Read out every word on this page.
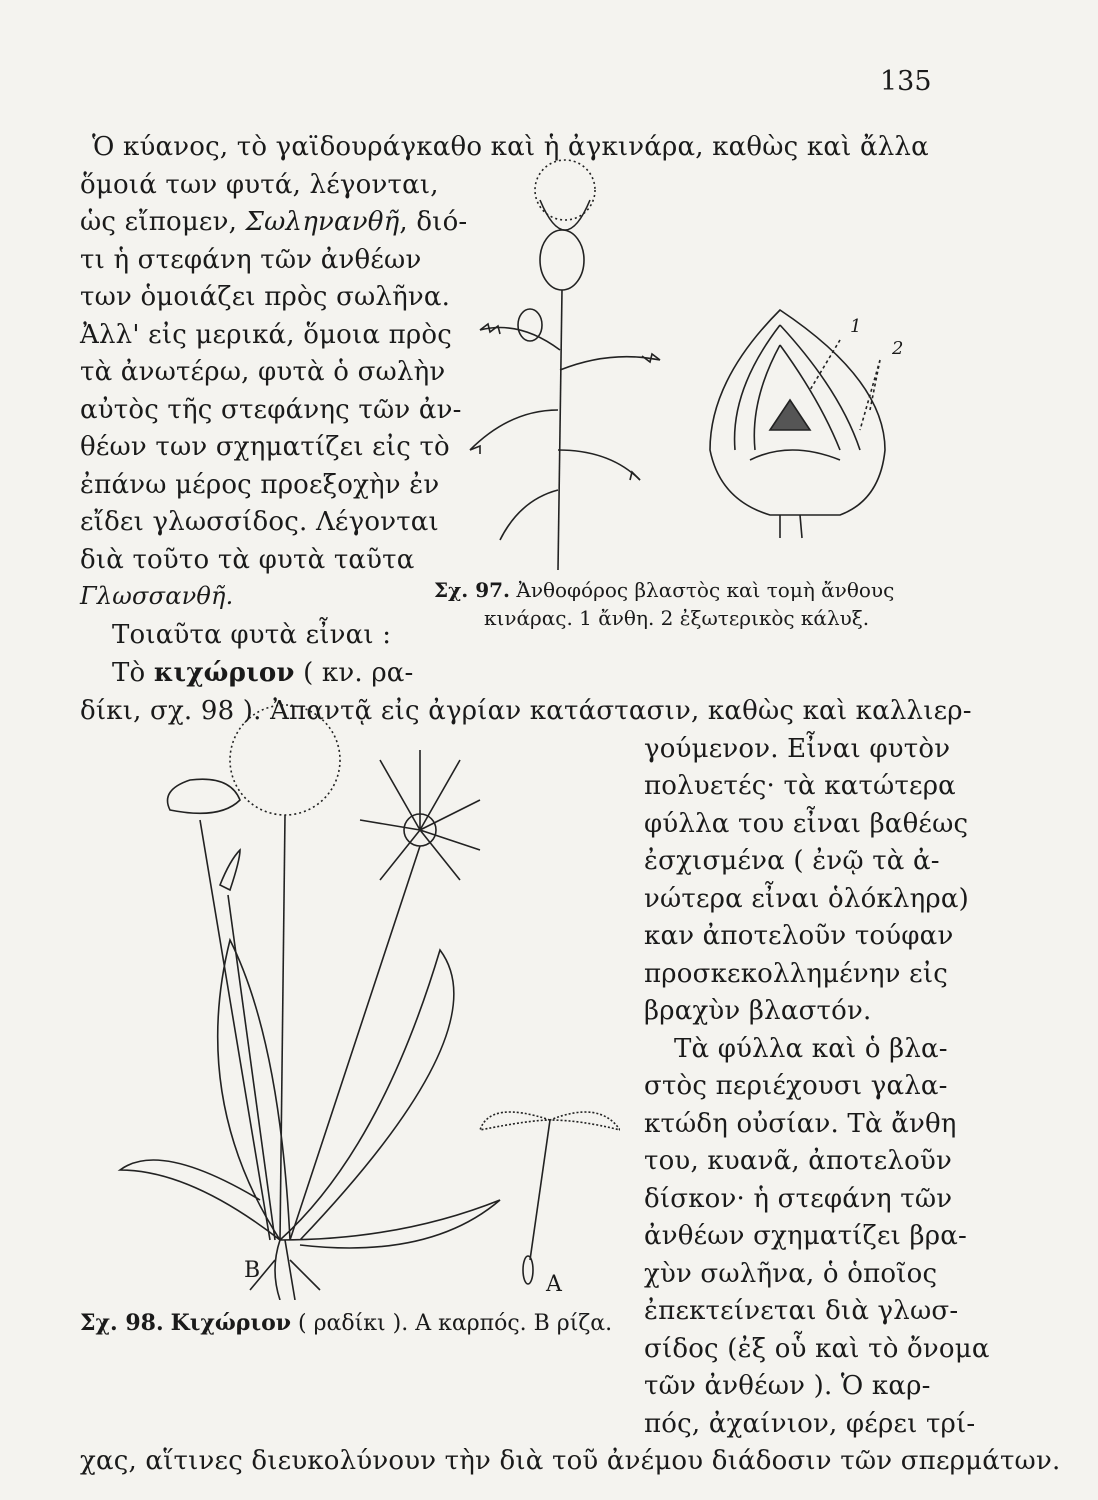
135
Ὁ κύανος, τὸ γαϊδουράγκαθο καὶ ἡ ἀγκινάρα, καθὼς καὶ ἄλλα
ὅμοιά των φυτά, λέγονται,
ὡς εἴπομεν, Σωληνανθῆ, διό-
τι ἡ στεφάνη τῶν ἀνθέων
των ὁμοιάζει πρὸς σωλῆνα.
Ἀλλ' εἰς μερικά, ὅμοια πρὸς
τὰ ἀνωτέρω, φυτὰ ὁ σωλὴν
αὐτὸς τῆς στεφάνης τῶν ἀν-
θέων των σχηματίζει εἰς τὸ
ἐπάνω μέρος προεξοχὴν ἐν
εἴδει γλωσσίδος. Λέγονται
διὰ τοῦτο τὰ φυτὰ ταῦτα
Γλωσσανθῆ.
Τοιαῦτα φυτὰ εἶναι :
Τὸ κιχώριον ( κν. ρα-
δίκι, σχ. 98 ). Ἀπαντᾷ εἰς ἀγρίαν κατάστασιν, καθὼς καὶ καλλιερ-
γούμενον. Εἶναι φυτὸν
πολυετές· τὰ κατώτερα
φύλλα του εἶναι βαθέως
ἐσχισμένα ( ἐνῷ τὰ ἀ-
νώτερα εἶναι ὁλόκληρα)
καν ἀποτελοῦν τούφαν
προσκεκολλημένην εἰς
βραχὺν βλαστόν.
Τὰ φύλλα καὶ ὁ βλα-
στὸς περιέχουσι γαλα-
κτώδη οὐσίαν. Τὰ ἄνθη
του, κυανᾶ, ἀποτελοῦν
δίσκον· ἡ στεφάνη τῶν
ἀνθέων σχηματίζει βρα-
χὺν σωλῆνα, ὁ ὁποῖος
ἐπεκτείνεται διὰ γλωσ-
σίδος (ἐξ οὗ καὶ τὸ ὄνομα
τῶν ἀνθέων ). Ὁ καρ-
πός, ἀχαίνιον, φέρει τρί-
χας, αἵτινες διευκολύνουν τὴν διὰ τοῦ ἀνέμου διάδοσιν τῶν σπερμάτων.
1
2
Σχ. 97. Ἀνθοφόρος βλαστὸς καὶ τομὴ ἄνθους
κινάρας. 1 ἄνθη. 2 ἐξωτερικὸς κάλυξ.
Β
Α
Σχ. 98. Κιχώριον ( ραδίκι ). Α καρπός. Β ρίζα.
